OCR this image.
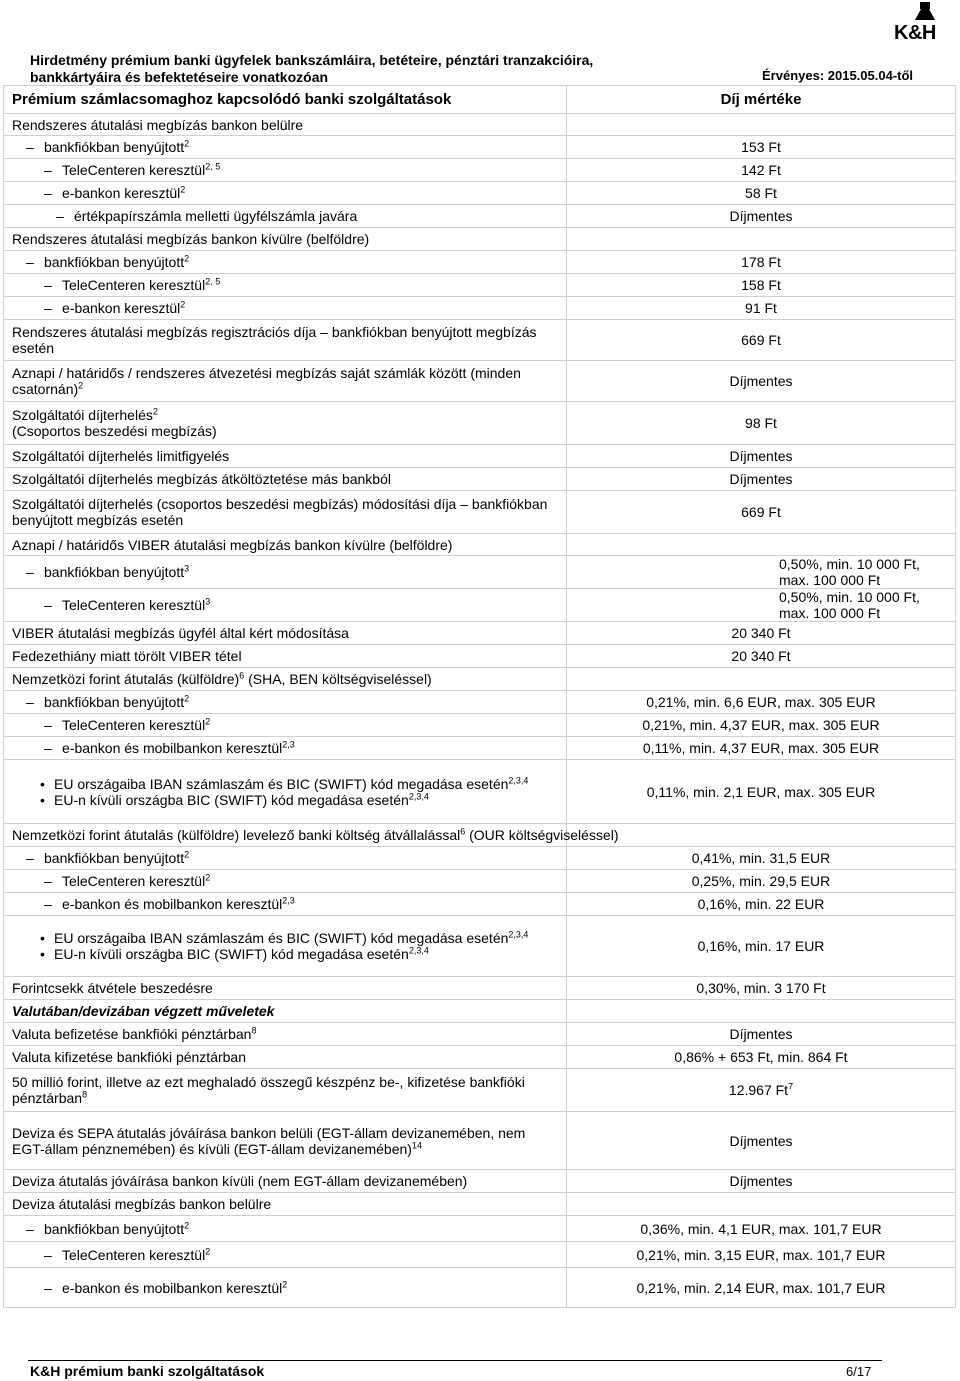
K&H
Hirdetmény prémium banki ügyfelek bankszámláira, betéteire, pénztári tranzakcióira,
bankkártyáira és befektetéseire vonatkozóan	Érvényes: 2015.05.04-től
Prémium számlacsomaghoz kapcsolódó banki szolgáltatások	Díj mértéke
Rendszeres átutalási megbízás bankon belülre	
– bankfiókban benyújtott$^2$	153 Ft
– TeleCenteren keresztül$^{2, 5}$	142 Ft
– e-bankon keresztül$^2$	58 Ft
– értékpapírszámla melletti ügyfélszámla javára	Díjmentes
Rendszeres átutalási megbízás bankon kívülre (belföldre)	
– bankfiókban benyújtott$^2$	178 Ft
– TeleCenteren keresztül$^{2, 5}$	158 Ft
– e-bankon keresztül$^2$	91 Ft
Rendszeres átutalási megbízás regisztrációs díja – bankfiókban benyújtott megbízás esetén	669 Ft
Aznapi / határidős / rendszeres átvezetési megbízás saját számlák között (minden csatornán)$^2$	Díjmentes
Szolgáltatói díjterhelés$^2$
(Csoportos beszedési megbízás)	98 Ft
Szolgáltatói díjterhelés limitfigyelés	Díjmentes
Szolgáltatói díjterhelés megbízás átköltöztetése más bankból	Díjmentes
Szolgáltatói díjterhelés (csoportos beszedési megbízás) módosítási díja – bankfiókban benyújtott megbízás esetén	669 Ft
Aznapi / határidős VIBER átutalási megbízás bankon kívülre (belföldre)	
– bankfiókban benyújtott$^3$	0,50%, min. 10 000 Ft, max. 100 000 Ft
– TeleCenteren keresztül$^3$	0,50%, min. 10 000 Ft, max. 100 000 Ft
VIBER átutalási megbízás ügyfél által kért módosítása	20 340 Ft
Fedezethiány miatt törölt VIBER tétel	20 340 Ft
Nemzetközi forint átutalás (külföldre)$^6$ (SHA, BEN költségviseléssel)	
– bankfiókban benyújtott$^2$	0,21%, min. 6,6 EUR, max. 305 EUR
– TeleCenteren keresztül$^2$	0,21%, min. 4,37 EUR, max. 305 EUR
– e-bankon és mobilbankon keresztül$^{2,3}$	0,11%, min. 4,37 EUR, max. 305 EUR

• EU országaiba IBAN számlaszám és BIC (SWIFT) kód megadása esetén$^{2,3,4}$
• EU-n kívüli országba BIC (SWIFT) kód megadása esetén$^{2,3,4}$	0,11%, min. 2,1 EUR, max. 305 EUR
Nemzetközi forint átutalás (külföldre) levelező banki költség átvállalással$^6$ (OUR költségviseléssel)	
– bankfiókban benyújtott$^2$	0,41%, min. 31,5 EUR
– TeleCenteren keresztül$^2$	0,25%, min. 29,5 EUR
– e-bankon és mobilbankon keresztül$^{2,3}$	0,16%, min. 22 EUR

• EU országaiba IBAN számlaszám és BIC (SWIFT) kód megadása esetén$^{2,3,4}$
• EU-n kívüli országba BIC (SWIFT) kód megadása esetén$^{2,3,4}$	0,16%, min. 17 EUR
Forintcsekk átvétele beszedésre	0,30%, min. 3 170 Ft
Valutában/devizában végzett műveletek	
Valuta befizetése bankfióki pénztárban$^8$	Díjmentes
Valuta kifizetése bankfióki pénztárban	0,86% + 653 Ft, min. 864 Ft
50 millió forint, illetve az ezt meghaladó összegű készpénz be-, kifizetése bankfióki pénztárban$^8$	12.967 Ft$^7$
Deviza és SEPA átutalás jóváírása bankon belüli (EGT-állam devizanemében, nem EGT-állam pénznemében) és kívüli (EGT-állam devizanemében)$^{14}$	Díjmentes
Deviza átutalás jóváírása bankon kívüli (nem EGT-állam devizanemében)	Díjmentes
Deviza átutalási megbízás bankon belülre	
– bankfiókban benyújtott$^2$	0,36%, min. 4,1 EUR, max. 101,7 EUR
– TeleCenteren keresztül$^2$	0,21%, min. 3,15 EUR, max. 101,7 EUR
– e-bankon és mobilbankon keresztül$^2$	0,21%, min. 2,14 EUR, max. 101,7 EUR
K&H prémium banki szolgáltatások	6/17
